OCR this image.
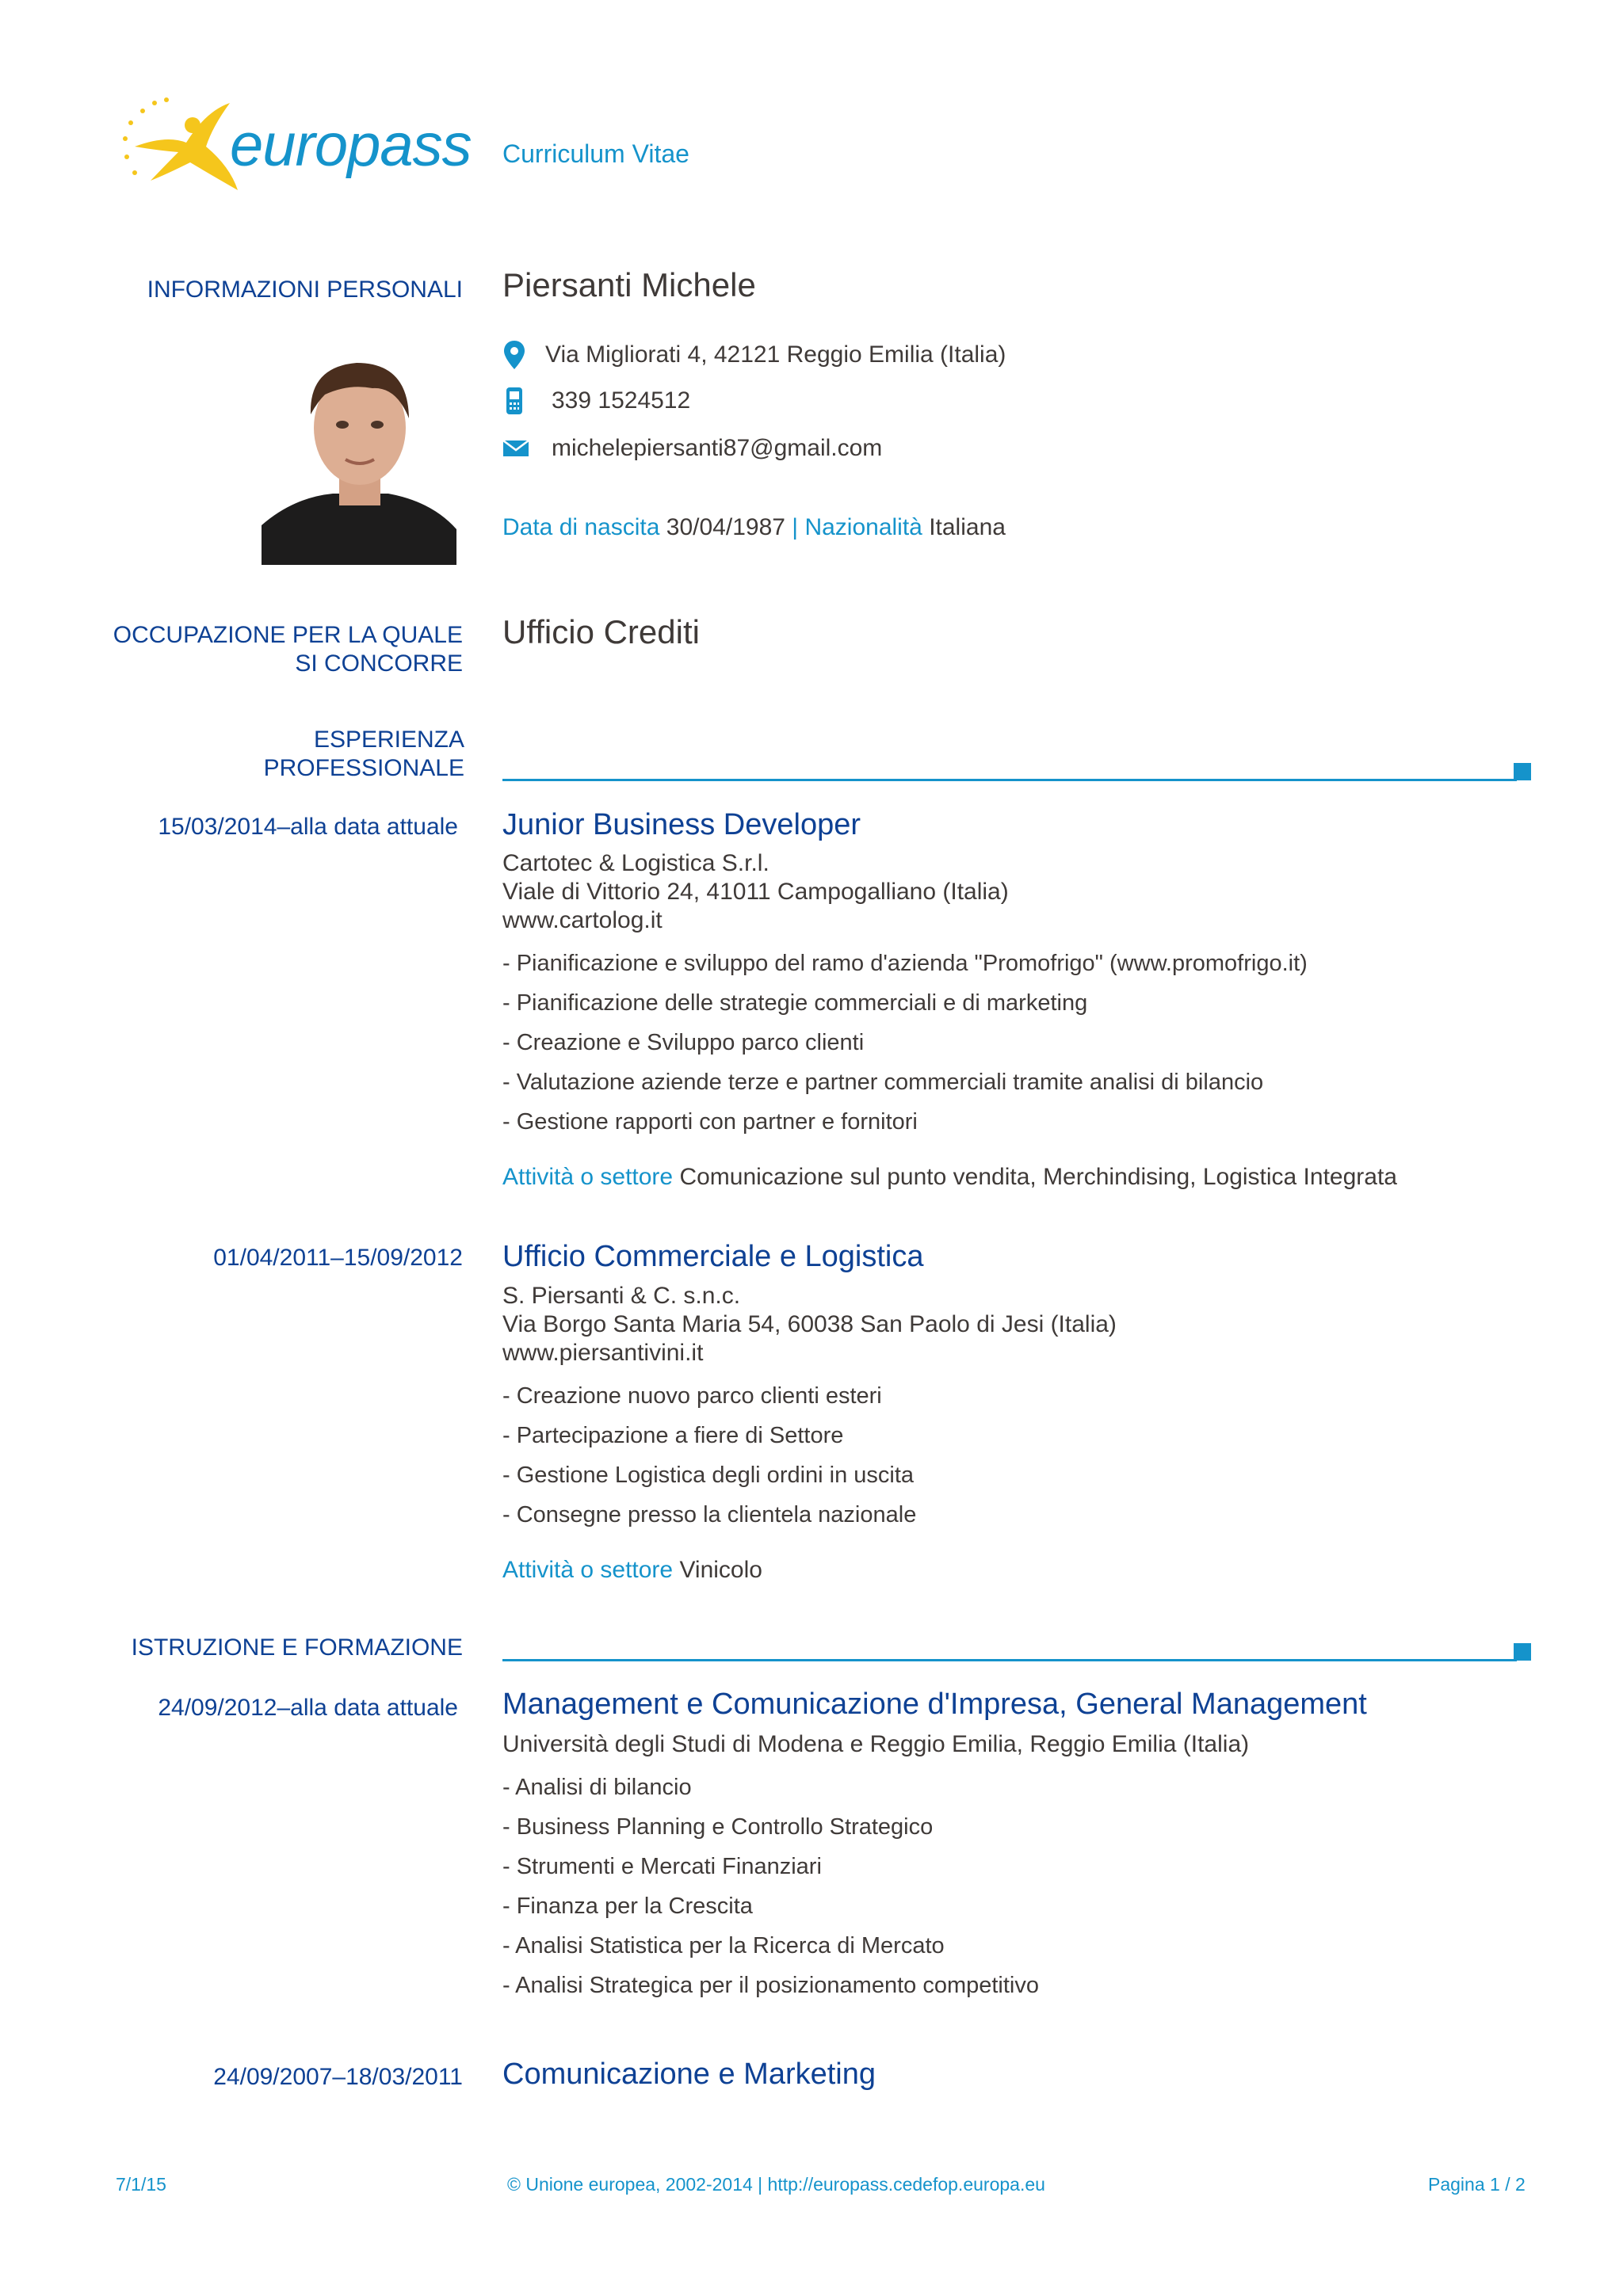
europass Curriculum Vitae
INFORMAZIONI PERSONALI Piersanti Michele
Via Migliorati 4, 42121 Reggio Emilia (Italia)
339 1524512
michelepiersanti87@gmail.com
Data di nascita 30/04/1987 | Nazionalità Italiana
OCCUPAZIONE PER LA QUALE
SI CONCORRE
Ufficio Crediti
ESPERIENZA
PROFESSIONALE
15/03/2014–alla data attuale Junior Business Developer
Cartotec & Logistica S.r.l.
Viale di Vittorio 24, 41011 Campogalliano (Italia)
www.cartolog.it
- Pianificazione e sviluppo del ramo d'azienda "Promofrigo" (www.promofrigo.it)
- Pianificazione delle strategie commerciali e di marketing
- Creazione e Sviluppo parco clienti
- Valutazione aziende terze e partner commerciali tramite analisi di bilancio
- Gestione rapporti con partner e fornitori
Attività o settore Comunicazione sul punto vendita, Merchindising, Logistica Integrata
01/04/2011–15/09/2012 Ufficio Commerciale e Logistica
S. Piersanti & C. s.n.c.
Via Borgo Santa Maria 54, 60038 San Paolo di Jesi (Italia)
www.piersantivini.it
- Creazione nuovo parco clienti esteri
- Partecipazione a fiere di Settore
- Gestione Logistica degli ordini in uscita
- Consegne presso la clientela nazionale
Attività o settore Vinicolo
ISTRUZIONE E FORMAZIONE
24/09/2012–alla data attuale Management e Comunicazione d'Impresa, General Management
Università degli Studi di Modena e Reggio Emilia, Reggio Emilia (Italia)
- Analisi di bilancio
- Business Planning e Controllo Strategico
- Strumenti e Mercati Finanziari
- Finanza per la Crescita
- Analisi Statistica per la Ricerca di Mercato
- Analisi Strategica per il posizionamento competitivo
24/09/2007–18/03/2011 Comunicazione e Marketing
7/1/15	© Unione europea, 2002-2014 | http://europass.cedefop.europa.eu	Pagina 1 / 2
